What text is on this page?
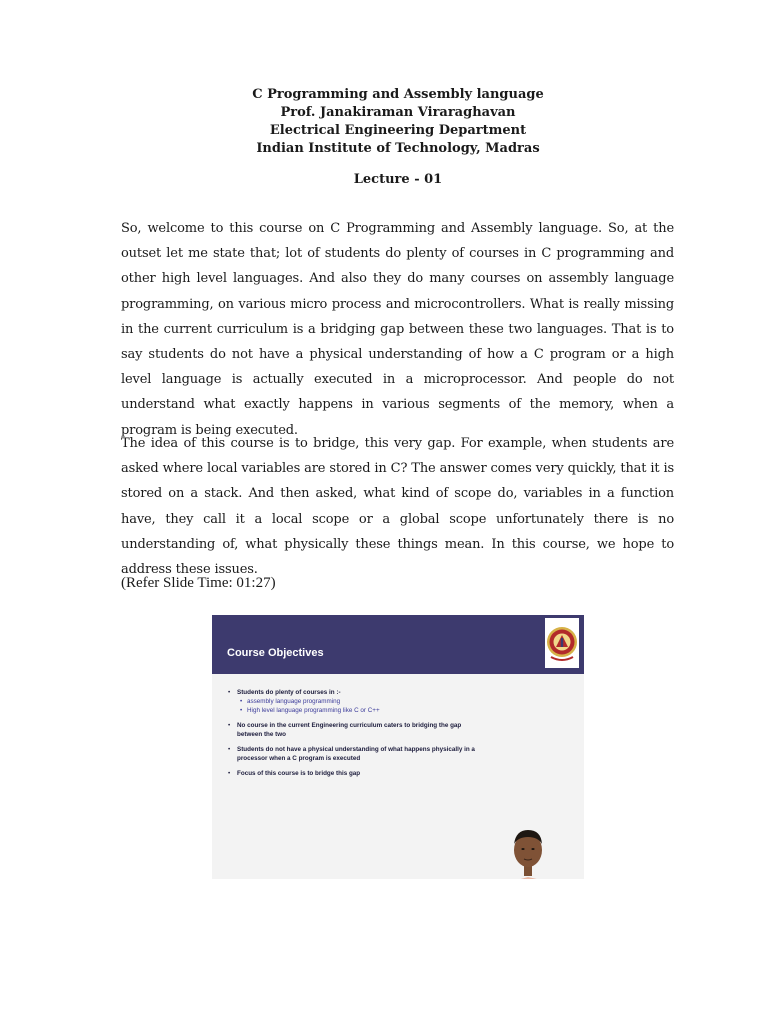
C Programming and Assembly language
Prof. Janakiraman Viraraghavan
Electrical Engineering Department
Indian Institute of Technology, Madras
Lecture - 01

So, welcome to this course on C Programming and Assembly language. So, at the outset let me state that; lot of students do plenty of courses in C programming and other high level languages. And also they do many courses on assembly language programming, on various micro process and microcontrollers. What is really missing in the current curriculum is a bridging gap between these two languages. That is to say students do not have a physical understanding of how a C program or a high level language is actually executed in a microprocessor. And people do not understand what exactly happens in various segments of the memory, when a program is being executed.

The idea of this course is to bridge, this very gap. For example, when students are asked where local variables are stored in C? The answer comes very quickly, that it is stored on a stack. And then asked, what kind of scope do, variables in a function have, they call it a local scope or a global scope unfortunately there is no understanding of, what physically these things mean. In this course, we hope to address these issues.

(Refer Slide Time: 01:27)
Course Objectives
• Students do plenty of courses in :-
• assembly language programming
• High level language programming like C or C++
• No course in the current Engineering curriculum caters to bridging the gap between the two
• Students do not have a physical understanding of what happens physically in a processor when a C program is executed
• Focus of this course is to bridge this gap
